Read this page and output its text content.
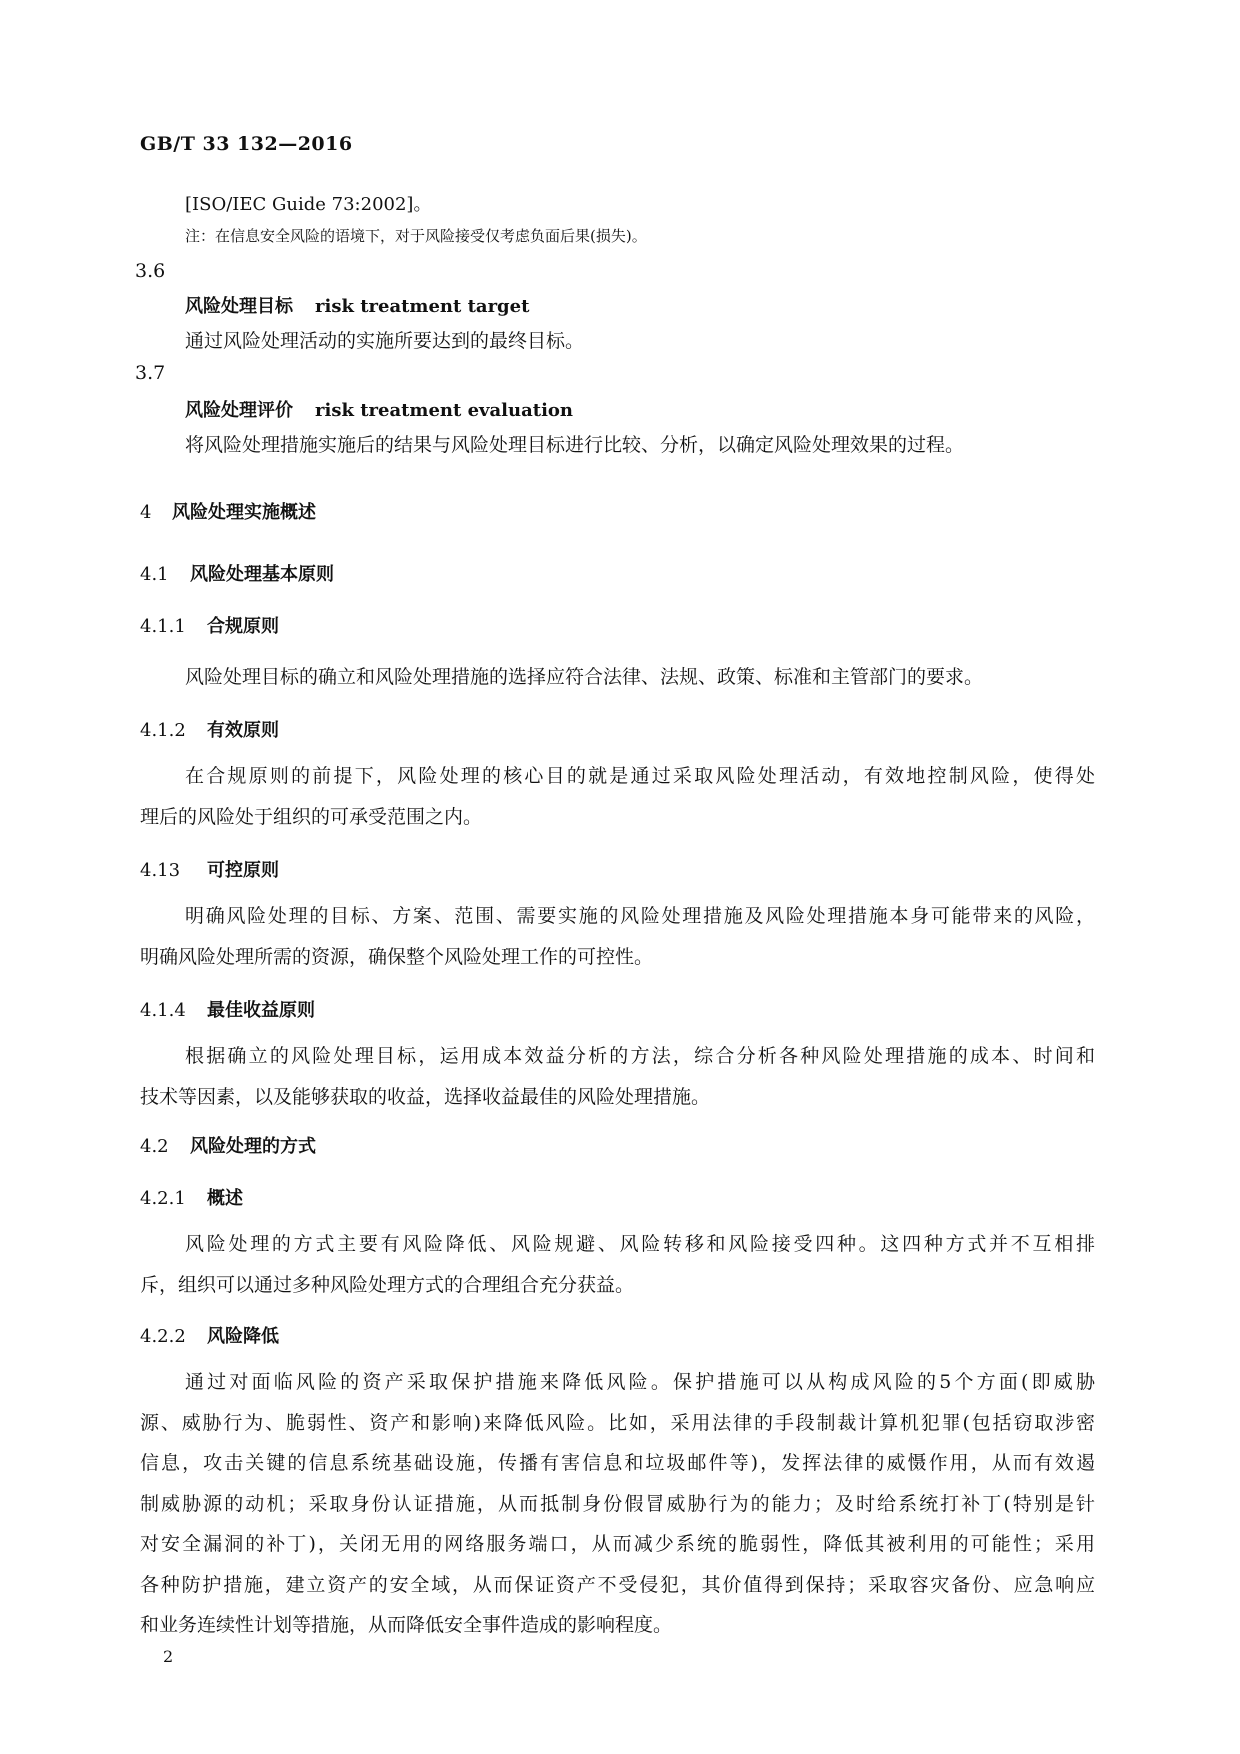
GB/T 33 132—2016
[ISO/IEC Guide 73:2002]。
注：在信息安全风险的语境下，对于风险接受仅考虑负面后果(损失)。
3.6
风险处理目标 risk treatment target
通过风险处理活动的实施所要达到的最终目标。
3.7
风险处理评价 risk treatment evaluation
将风险处理措施实施后的结果与风险处理目标进行比较、分析，以确定风险处理效果的过程。
4 风险处理实施概述
4.1 风险处理基本原则
4.1.1 合规原则
风险处理目标的确立和风险处理措施的选择应符合法律、法规、政策、标准和主管部门的要求。
4.1.2 有效原则
在合规原则的前提下，风险处理的核心目的就是通过采取风险处理活动，有效地控制风险，使得处
理后的风险处于组织的可承受范围之内。
4.13 可控原则
明确风险处理的目标、方案、范围、需要实施的风险处理措施及风险处理措施本身可能带来的风险，
明确风险处理所需的资源，确保整个风险处理工作的可控性。
4.1.4 最佳收益原则
根据确立的风险处理目标，运用成本效益分析的方法，综合分析各种风险处理措施的成本、时间和
技术等因素，以及能够获取的收益，选择收益最佳的风险处理措施。
4.2 风险处理的方式
4.2.1 概述
风险处理的方式主要有风险降低、风险规避、风险转移和风险接受四种。这四种方式并不互相排
斥，组织可以通过多种风险处理方式的合理组合充分获益。
4.2.2 风险降低
通过对面临风险的资产采取保护措施来降低风险。保护措施可以从构成风险的5个方面(即威胁
源、威胁行为、脆弱性、资产和影响)来降低风险。比如，采用法律的手段制裁计算机犯罪(包括窃取涉密
信息，攻击关键的信息系统基础设施，传播有害信息和垃圾邮件等)，发挥法律的威慑作用，从而有效遏
制威胁源的动机；采取身份认证措施，从而抵制身份假冒威胁行为的能力；及时给系统打补丁(特别是针
对安全漏洞的补丁)，关闭无用的网络服务端口，从而减少系统的脆弱性，降低其被利用的可能性；采用
各种防护措施，建立资产的安全域，从而保证资产不受侵犯，其价值得到保持；采取容灾备份、应急响应
和业务连续性计划等措施，从而降低安全事件造成的影响程度。
2
